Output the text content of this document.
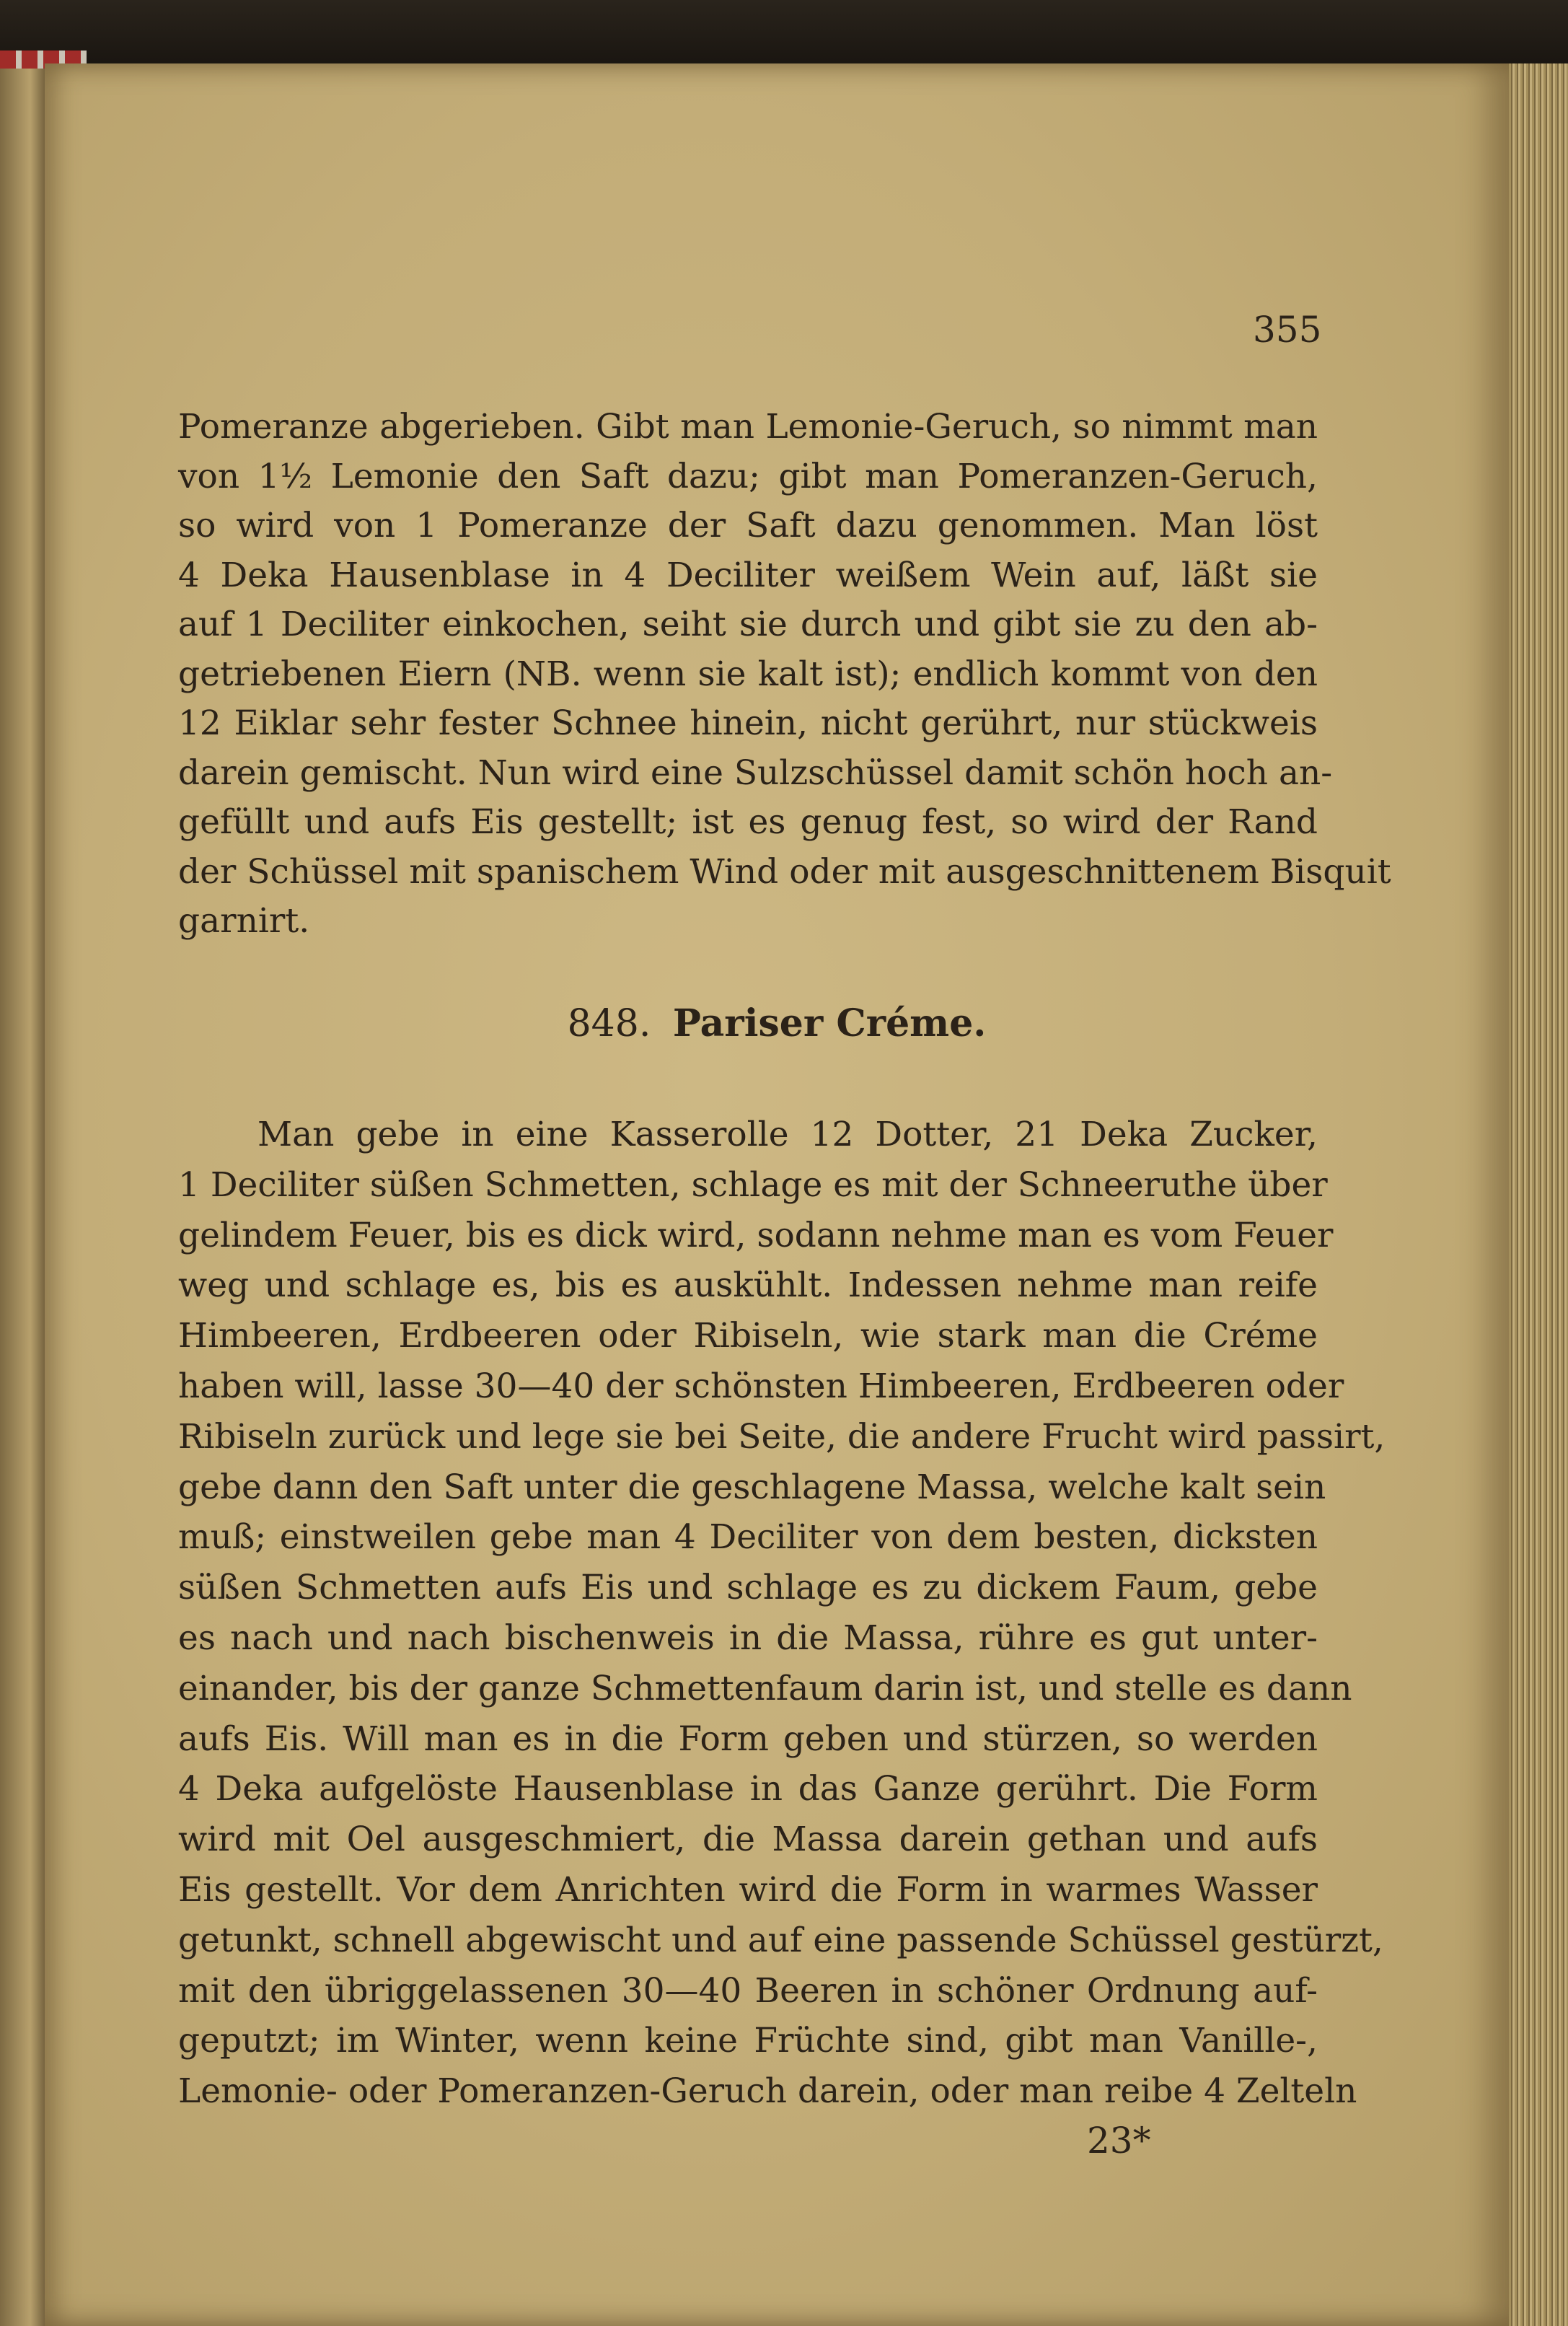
355
Pomeranze abgerieben. Gibt man Lemonie-Geruch, so nimmt man
von 1½ Lemonie den Saft dazu; gibt man Pomeranzen-Geruch,
so wird von 1 Pomeranze der Saft dazu genommen. Man löst
4 Deka Hausenblase in 4 Deciliter weißem Wein auf, läßt sie
auf 1 Deciliter einkochen, seiht sie durch und gibt sie zu den ab-
getriebenen Eiern (NB. wenn sie kalt ist); endlich kommt von den
12 Eiklar sehr fester Schnee hinein, nicht gerührt, nur stückweis
darein gemischt. Nun wird eine Sulzschüssel damit schön hoch an-
gefüllt und aufs Eis gestellt; ist es genug fest, so wird der Rand
der Schüssel mit spanischem Wind oder mit ausgeschnittenem Bisquit
garnirt.
848. Pariser Créme.
Man gebe in eine Kasserolle 12 Dotter, 21 Deka Zucker,
1 Deciliter süßen Schmetten, schlage es mit der Schneeruthe über
gelindem Feuer, bis es dick wird, sodann nehme man es vom Feuer
weg und schlage es, bis es auskühlt. Indessen nehme man reife
Himbeeren, Erdbeeren oder Ribiseln, wie stark man die Créme
haben will, lasse 30—40 der schönsten Himbeeren, Erdbeeren oder
Ribiseln zurück und lege sie bei Seite, die andere Frucht wird passirt,
gebe dann den Saft unter die geschlagene Massa, welche kalt sein
muß; einstweilen gebe man 4 Deciliter von dem besten, dicksten
süßen Schmetten aufs Eis und schlage es zu dickem Faum, gebe
es nach und nach bischenweis in die Massa, rühre es gut unter-
einander, bis der ganze Schmettenfaum darin ist, und stelle es dann
aufs Eis. Will man es in die Form geben und stürzen, so werden
4 Deka aufgelöste Hausenblase in das Ganze gerührt. Die Form
wird mit Oel ausgeschmiert, die Massa darein gethan und aufs
Eis gestellt. Vor dem Anrichten wird die Form in warmes Wasser
getunkt, schnell abgewischt und auf eine passende Schüssel gestürzt,
mit den übriggelassenen 30—40 Beeren in schöner Ordnung auf-
geputzt; im Winter, wenn keine Früchte sind, gibt man Vanille-,
Lemonie- oder Pomeranzen-Geruch darein, oder man reibe 4 Zelteln
23*
